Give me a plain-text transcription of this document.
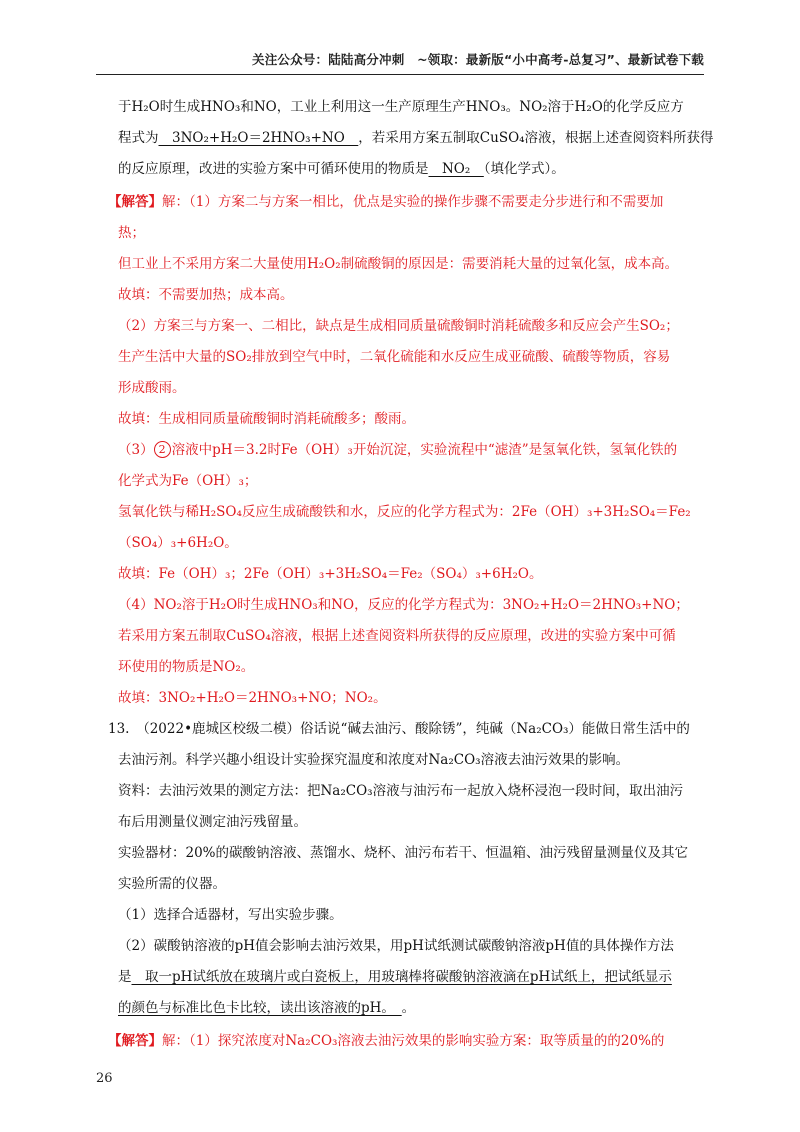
关注公众号：陆陆高分冲刺　~领取：最新版“小中高考-总复习”、最新试卷下载
于H₂O时生成HNO₃和NO，工业上利用这一生产原理生产HNO₃。NO₂溶于H₂O的化学反应方
程式为　3NO₂+H₂O＝2HNO₃+NO　，若采用方案五制取CuSO₄溶液，根据上述查阅资料所获得
的反应原理，改进的实验方案中可循环使用的物质是　NO₂　（填化学式）。
【解答】解：（1）方案二与方案一相比，优点是实验的操作步骤不需要走分步进行和不需要加
热；
但工业上不采用方案二大量使用H₂O₂制硫酸铜的原因是：需要消耗大量的过氧化氢，成本高。
故填：不需要加热；成本高。
（2）方案三与方案一、二相比，缺点是生成相同质量硫酸铜时消耗硫酸多和反应会产生SO₂；
生产生活中大量的SO₂排放到空气中时，二氧化硫能和水反应生成亚硫酸、硫酸等物质，容易
形成酸雨。
故填：生成相同质量硫酸铜时消耗硫酸多；酸雨。
（3） 2 溶液中pH＝3.2时Fe（OH）₃开始沉淀，实验流程中“滤渣”是氢氧化铁，氢氧化铁的
化学式为Fe（OH）₃；
氢氧化铁与稀H₂SO₄反应生成硫酸铁和水，反应的化学方程式为：2Fe（OH）₃+3H₂SO₄＝Fe₂
（SO₄）₃+6H₂O。
故填：Fe（OH）₃；2Fe（OH）₃+3H₂SO₄＝Fe₂（SO₄）₃+6H₂O。
（4）NO₂溶于H₂O时生成HNO₃和NO，反应的化学方程式为：3NO₂+H₂O＝2HNO₃+NO；
若采用方案五制取CuSO₄溶液，根据上述查阅资料所获得的反应原理，改进的实验方案中可循
环使用的物质是NO₂。
故填：3NO₂+H₂O＝2HNO₃+NO；NO₂。
13.　（2022•鹿城区校级二模）俗话说“碱去油污、酸除锈”，纯碱（Na₂CO₃）能做日常生活中的
去油污剂。科学兴趣小组设计实验探究温度和浓度对Na₂CO₃溶液去油污效果的影响。
资料：去油污效果的测定方法：把Na₂CO₃溶液与油污布一起放入烧杯浸泡一段时间，取出油污
布后用测量仪测定油污残留量。
实验器材：20%的碳酸钠溶液、蒸馏水、烧杯、油污布若干、恒温箱、油污残留量测量仪及其它
实验所需的仪器。
（1）选择合适器材，写出实验步骤。
（2）碳酸钠溶液的pH值会影响去油污效果，用pH试纸测试碳酸钠溶液pH值的具体操作方法
是　取一pH试纸放在玻璃片或白瓷板上，用玻璃棒将碳酸钠溶液滴在pH试纸上，把试纸显示
的颜色与标准比色卡比较，读出该溶液的pH。　。
【解答】解：（1）探究浓度对Na₂CO₃溶液去油污效果的影响实验方案：取等质量的的20%的
26
